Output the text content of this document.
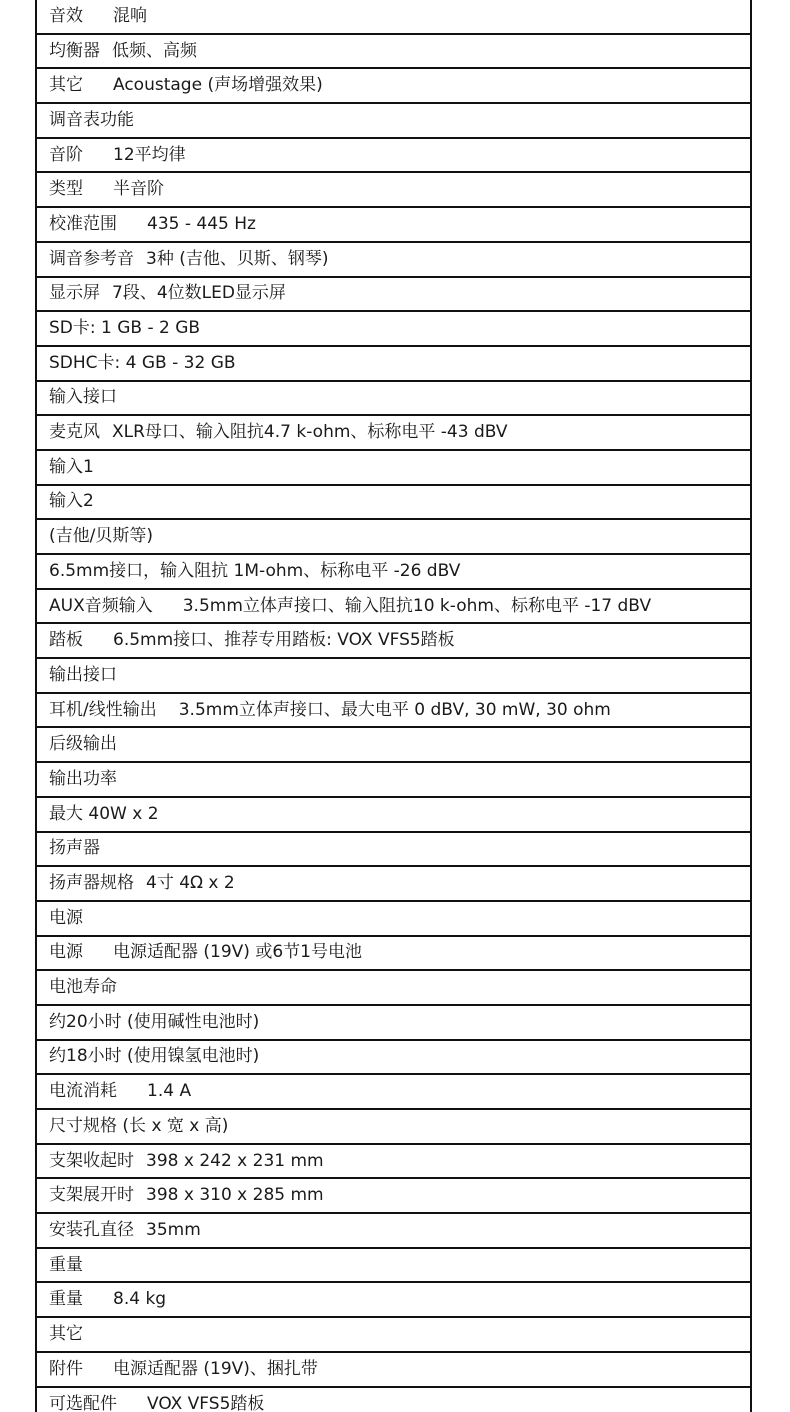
音效 混响
均衡器 低频、高频
其它 Acoustage (声场增强效果)
调音表功能
音阶 12平均律
类型 半音阶
校准范围 435 - 445 Hz
调音参考音 3种 (吉他、贝斯、钢琴)
显示屏 7段、4位数LED显示屏
SD卡: 1 GB - 2 GB
SDHC卡: 4 GB - 32 GB
输入接口
麦克风 XLR母口、输入阻抗4.7 k-ohm、标称电平 -43 dBV
输入1
输入2
(吉他/贝斯等)
6.5mm接口，输入阻抗 1M-ohm、标称电平 -26 dBV
AUX音频输入 3.5mm立体声接口、输入阻抗10 k-ohm、标称电平 -17 dBV
踏板 6.5mm接口、推荐专用踏板: VOX VFS5踏板
输出接口
耳机/线性输出 3.5mm立体声接口、最大电平 0 dBV, 30 mW, 30 ohm
后级输出
输出功率
最大 40W x 2
扬声器
扬声器规格 4寸 4Ω x 2
电源
电源 电源适配器 (19V) 或6节1号电池
电池寿命
约20小时 (使用碱性电池时)
约18小时 (使用镍氢电池时)
电流消耗 1.4 A
尺寸规格 (长 x 宽 x 高)
支架收起时 398 x 242 x 231 mm
支架展开时 398 x 310 x 285 mm
安装孔直径 35mm
重量
重量 8.4 kg
其它
附件 电源适配器 (19V)、捆扎带
可选配件 VOX VFS5踏板
